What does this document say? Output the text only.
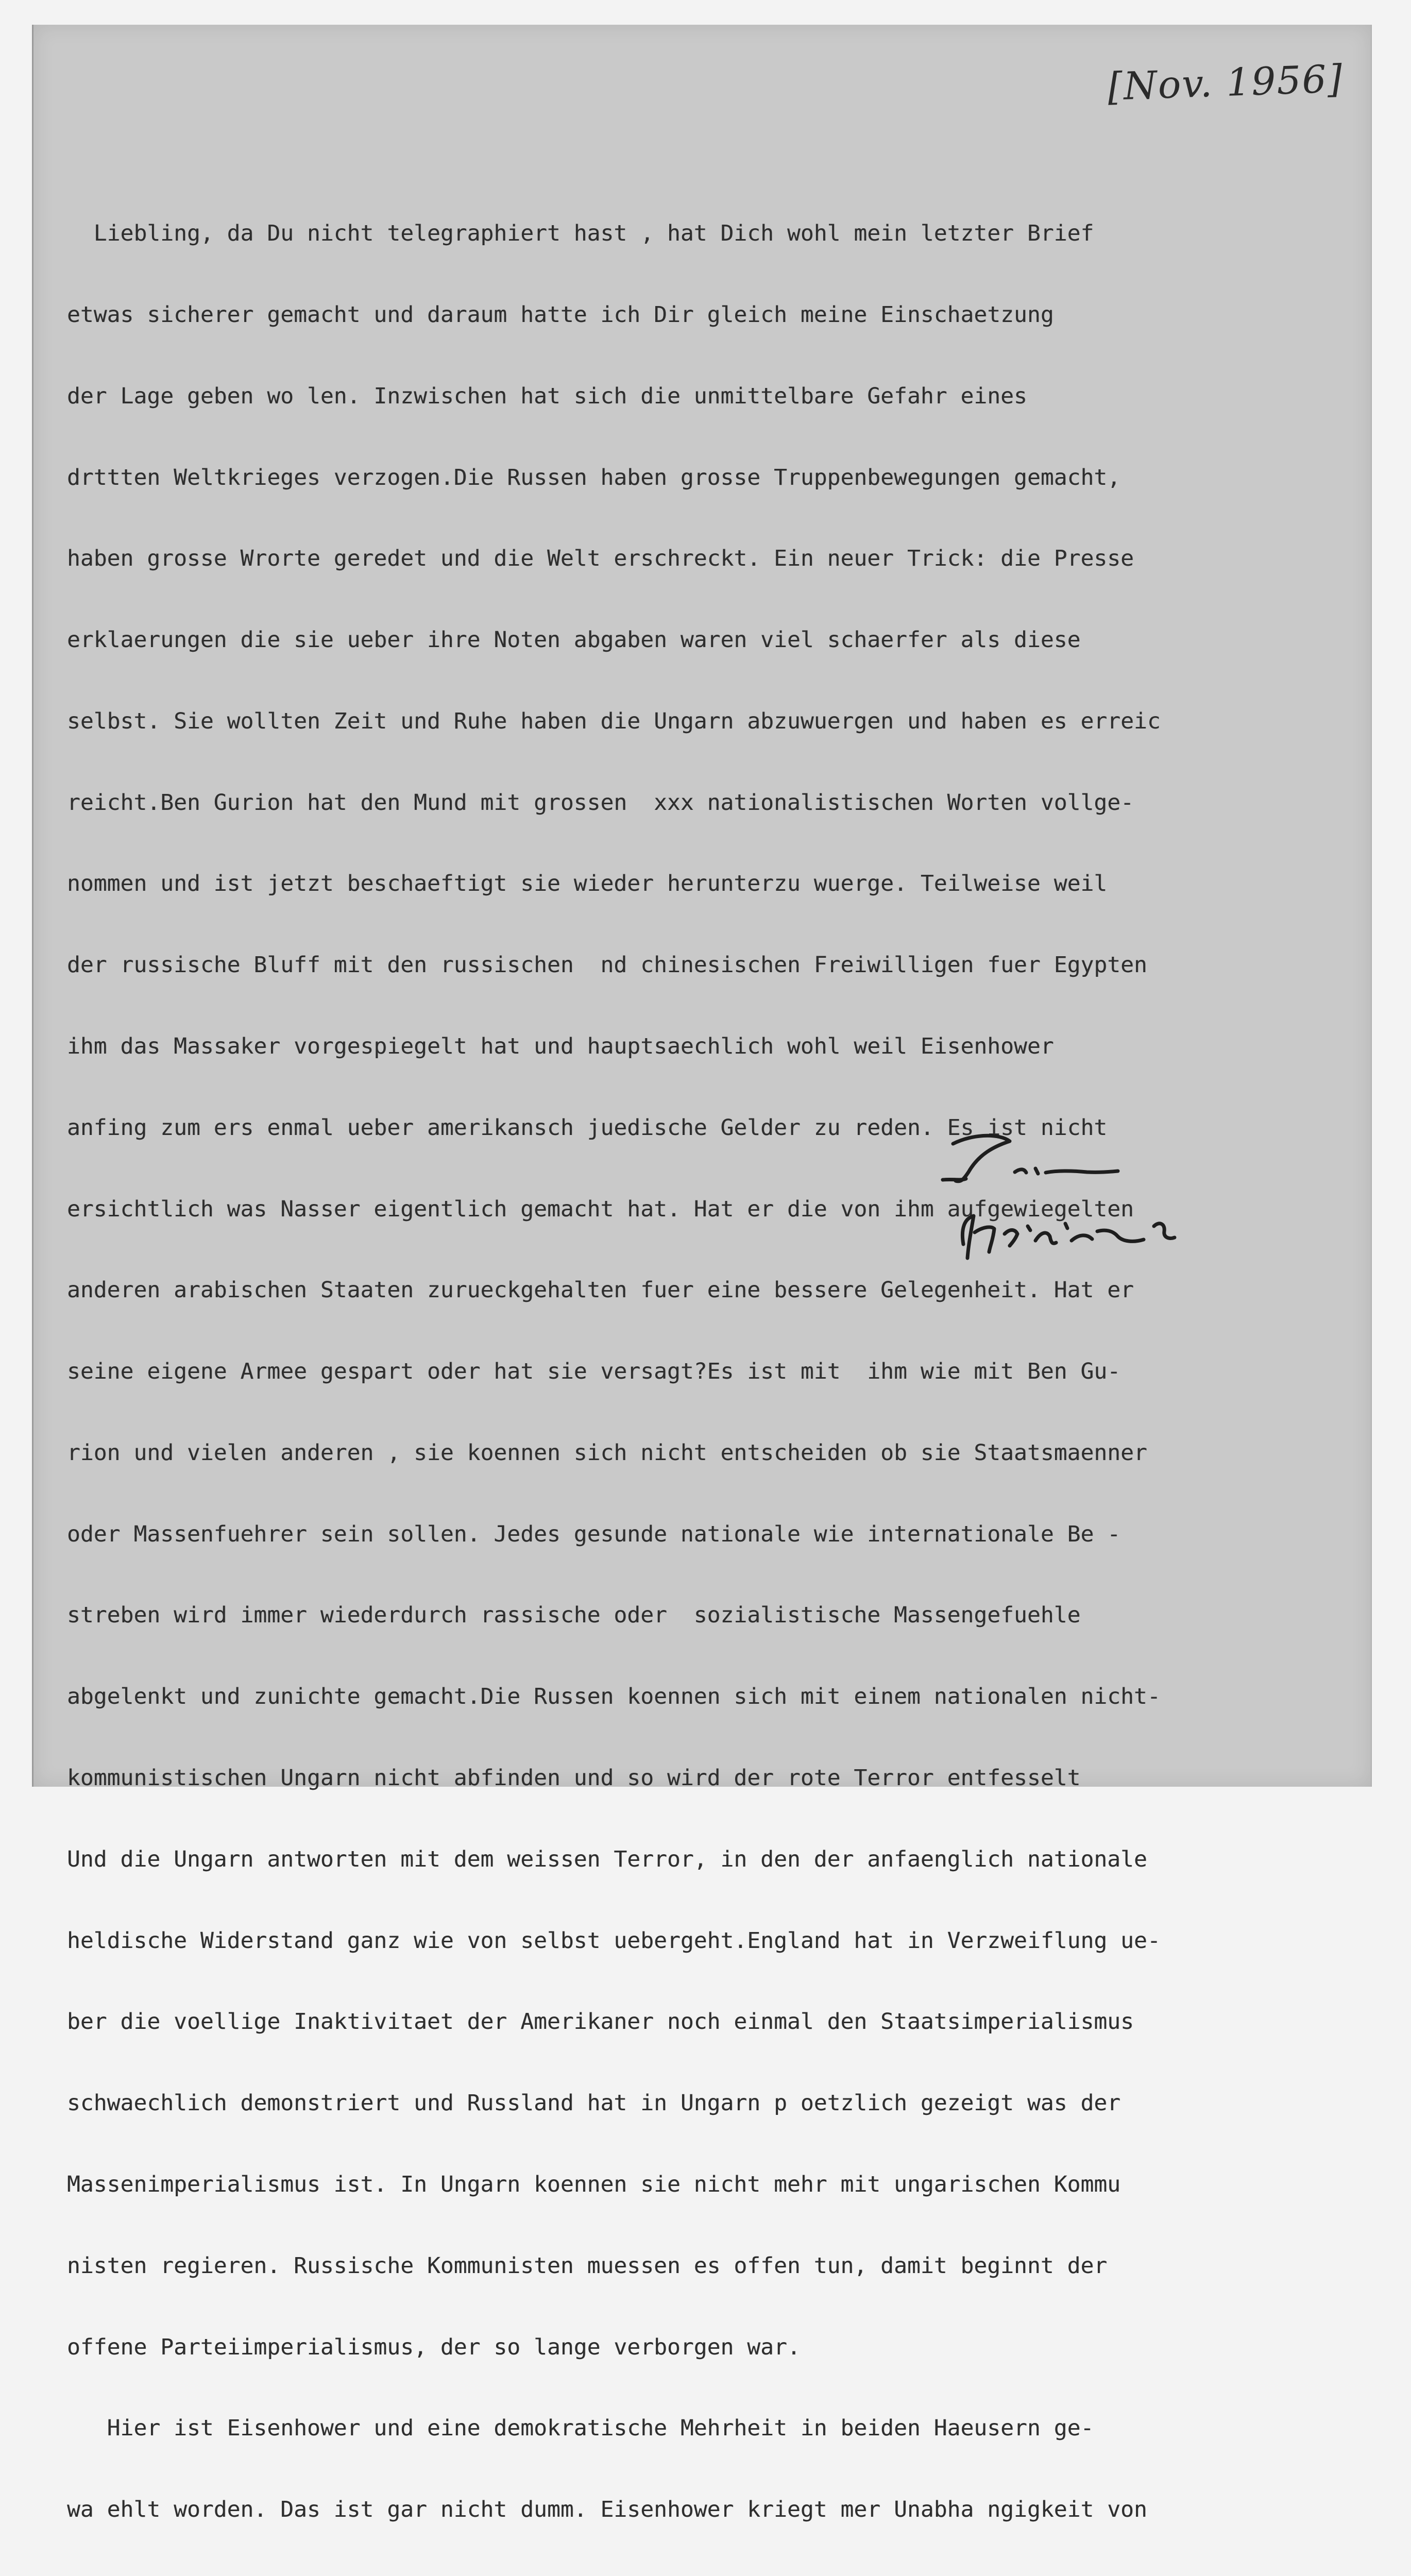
[Nov. 1956]

Liebling, da Du nicht telegraphiert hast , hat Dich wohl mein letzter Brief

etwas sicherer gemacht und daraum hatte ich Dir gleich meine Einschaetzung

der Lage geben wo len. Inzwischen hat sich die unmittelbare Gefahr eines

drttten Weltkrieges verzogen.Die Russen haben grosse Truppenbewegungen gemacht,

haben grosse Wrorte geredet und die Welt erschreckt. Ein neuer Trick: die Presse

erklaerungen die sie ueber ihre Noten abgaben waren viel schaerfer als diese

selbst. Sie wollten Zeit und Ruhe haben die Ungarn abzuwuergen und haben es erreic

reicht.Ben Gurion hat den Mund mit grossen  xxx nationalistischen Worten vollge-

nommen und ist jetzt beschaeftigt sie wieder herunterzu wuerge. Teilweise weil

der russische Bluff mit den russischen  nd chinesischen Freiwilligen fuer Egypten

ihm das Massaker vorgespiegelt hat und hauptsaechlich wohl weil Eisenhower

anfing zum ers enmal ueber amerikansch juedische Gelder zu reden. Es ist nicht

ersichtlich was Nasser eigentlich gemacht hat. Hat er die von ihm aufgewiegelten

anderen arabischen Staaten zurueckgehalten fuer eine bessere Gelegenheit. Hat er

seine eigene Armee gespart oder hat sie versagt?Es ist mit  ihm wie mit Ben Gu-

rion und vielen anderen , sie koennen sich nicht entscheiden ob sie Staatsmaenner

oder Massenfuehrer sein sollen. Jedes gesunde nationale wie internationale Be -

streben wird immer wiederdurch rassische oder  sozialistische Massengefuehle

abgelenkt und zunichte gemacht.Die Russen koennen sich mit einem nationalen nicht-

kommunistischen Ungarn nicht abfinden und so wird der rote Terror entfesselt

Und die Ungarn antworten mit dem weissen Terror, in den der anfaenglich nationale

heldische Widerstand ganz wie von selbst uebergeht.England hat in Verzweiflung ue-

ber die voellige Inaktivitaet der Amerikaner noch einmal den Staatsimperialismus

schwaechlich demonstriert und Russland hat in Ungarn p oetzlich gezeigt was der

Massenimperialismus ist. In Ungarn koennen sie nicht mehr mit ungarischen Kommu

nisten regieren. Russische Kommunisten muessen es offen tun, damit beginnt der

offene Parteiimperialismus, der so lange verborgen war.

Hier ist Eisenhower und eine demokratische Mehrheit in beiden Haeusern ge-

wa ehlt worden. Das ist gar nicht dumm. Eisenhower kriegt mer Unabha ngigkeit von
